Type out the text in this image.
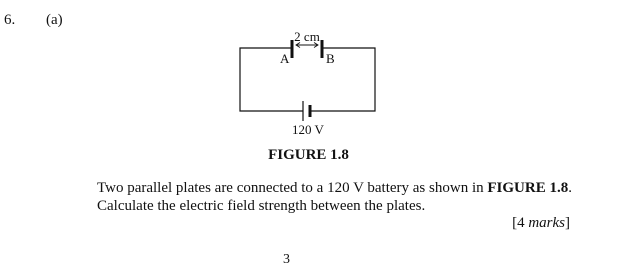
6. (a)
2 cm
A	B
120 V
FIGURE 1.8
Two parallel plates are connected to a 120 V battery as shown in FIGURE 1.8.
Calculate the electric field strength between the plates.
[4 marks]
3
